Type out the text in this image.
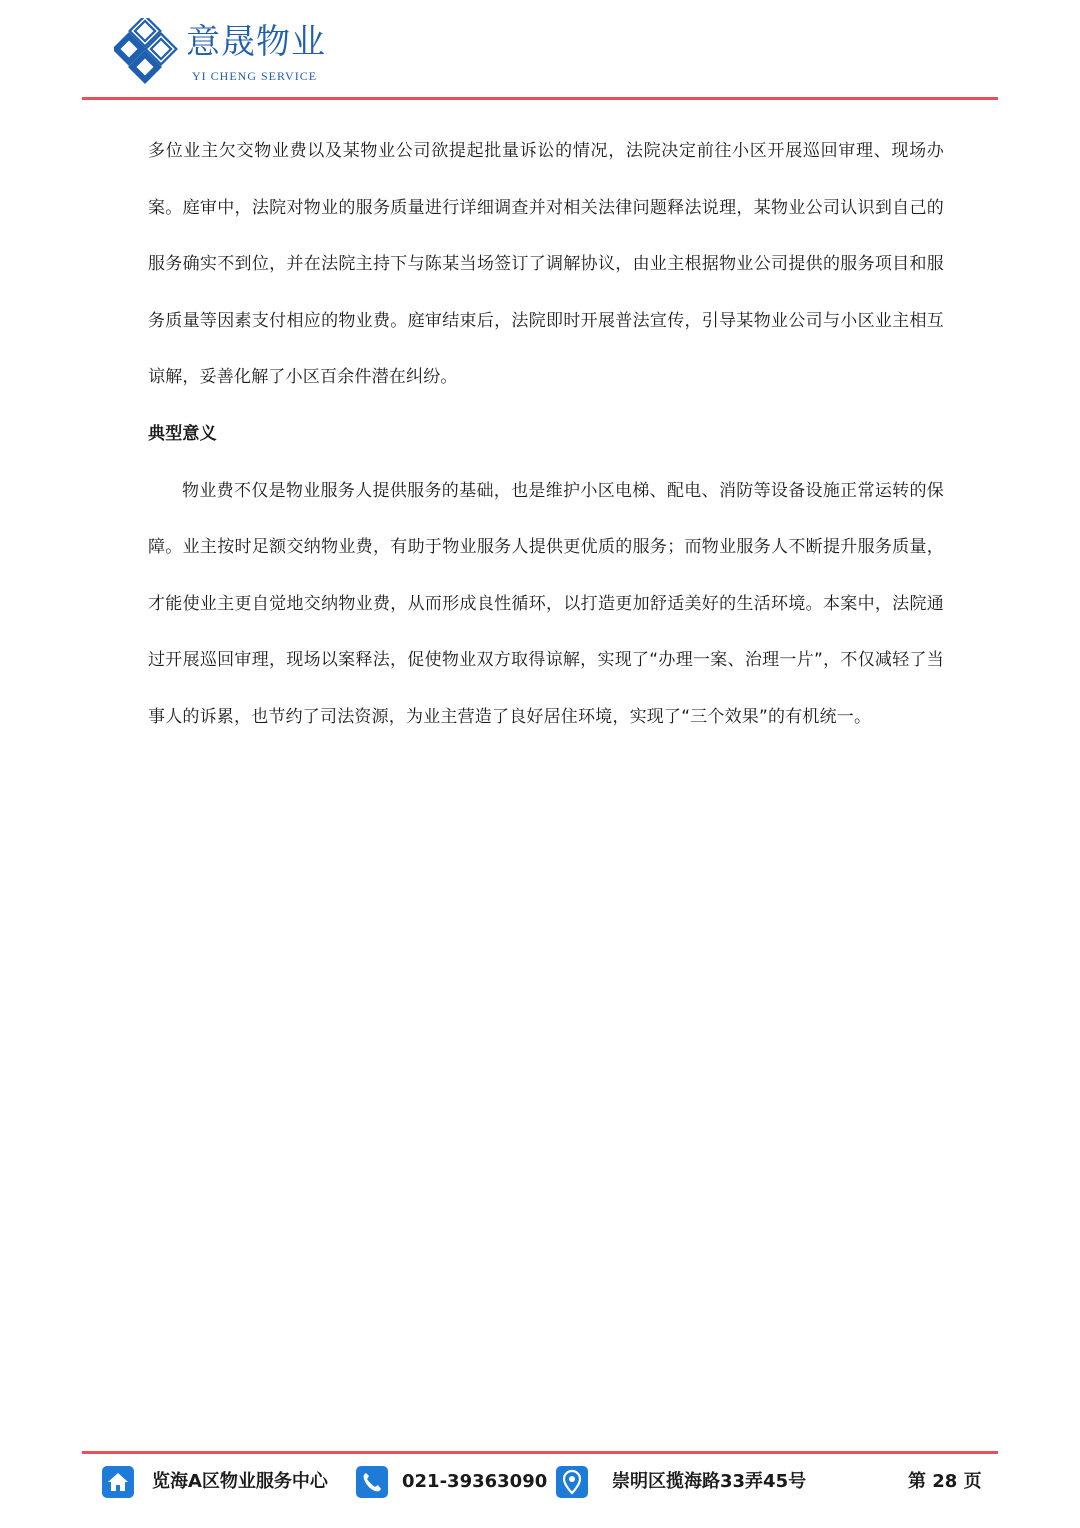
意晟物业
YI CHENG SERVICE

多位业主欠交物业费以及某物业公司欲提起批量诉讼的情况，法院决定前往小区开展巡回审理、现场办案。庭审中，法院对物业的服务质量进行详细调查并对相关法律问题释法说理，某物业公司认识到自己的服务确实不到位，并在法院主持下与陈某当场签订了调解协议，由业主根据物业公司提供的服务项目和服务质量等因素支付相应的物业费。庭审结束后，法院即时开展普法宣传，引导某物业公司与小区业主相互谅解，妥善化解了小区百余件潜在纠纷。

典型意义

物业费不仅是物业服务人提供服务的基础，也是维护小区电梯、配电、消防等设备设施正常运转的保障。业主按时足额交纳物业费，有助于物业服务人提供更优质的服务；而物业服务人不断提升服务质量，才能使业主更自觉地交纳物业费，从而形成良性循环，以打造更加舒适美好的生活环境。本案中，法院通过开展巡回审理，现场以案释法，促使物业双方取得谅解，实现了“办理一案、治理一片”，不仅减轻了当事人的诉累，也节约了司法资源，为业主营造了良好居住环境，实现了“三个效果”的有机统一。

览海A区物业服务中心	021-39363090	崇明区揽海路33弄45号	第 28 页
